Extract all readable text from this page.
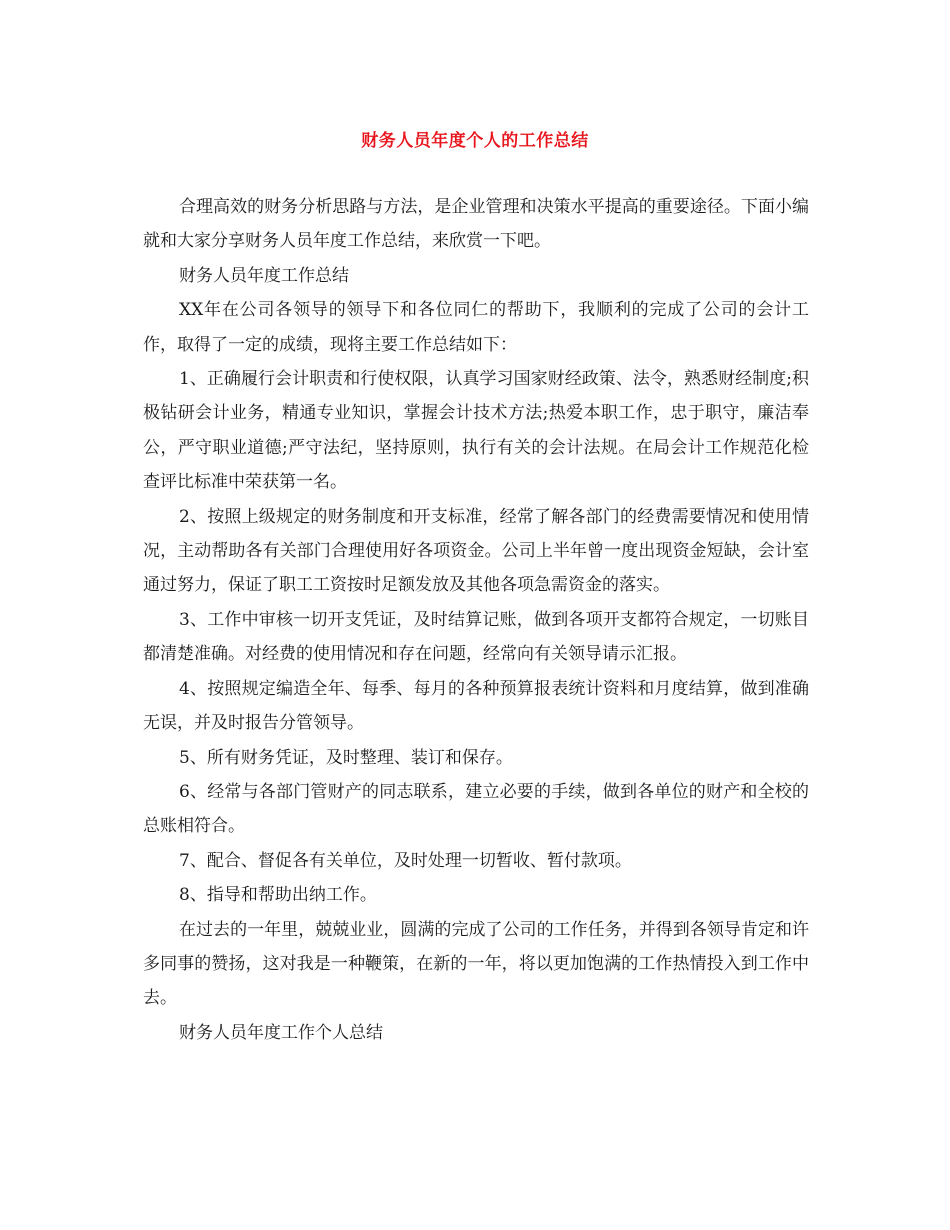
财务人员年度个人的工作总结

合理高效的财务分析思路与方法，是企业管理和决策水平提高的重要途径。下面小编就和大家分享财务人员年度工作总结，来欣赏一下吧。

财务人员年度工作总结

XX年在公司各领导的领导下和各位同仁的帮助下，我顺利的完成了公司的会计工作，取得了一定的成绩，现将主要工作总结如下：

1、正确履行会计职责和行使权限，认真学习国家财经政策、法令，熟悉财经制度;积极钻研会计业务，精通专业知识，掌握会计技术方法;热爱本职工作，忠于职守，廉洁奉公，严守职业道德;严守法纪，坚持原则，执行有关的会计法规。在局会计工作规范化检查评比标准中荣获第一名。

2、按照上级规定的财务制度和开支标准，经常了解各部门的经费需要情况和使用情况，主动帮助各有关部门合理使用好各项资金。公司上半年曾一度出现资金短缺，会计室通过努力，保证了职工工资按时足额发放及其他各项急需资金的落实。

3、工作中审核一切开支凭证，及时结算记账，做到各项开支都符合规定，一切账目都清楚准确。对经费的使用情况和存在问题，经常向有关领导请示汇报。

4、按照规定编造全年、每季、每月的各种预算报表统计资料和月度结算，做到准确无误，并及时报告分管领导。

5、所有财务凭证，及时整理、装订和保存。

6、经常与各部门管财产的同志联系，建立必要的手续，做到各单位的财产和全校的总账相符合。

7、配合、督促各有关单位，及时处理一切暂收、暂付款项。

8、指导和帮助出纳工作。

在过去的一年里，兢兢业业，圆满的完成了公司的工作任务，并得到各领导肯定和许多同事的赞扬，这对我是一种鞭策，在新的一年，将以更加饱满的工作热情投入到工作中去。

财务人员年度工作个人总结
